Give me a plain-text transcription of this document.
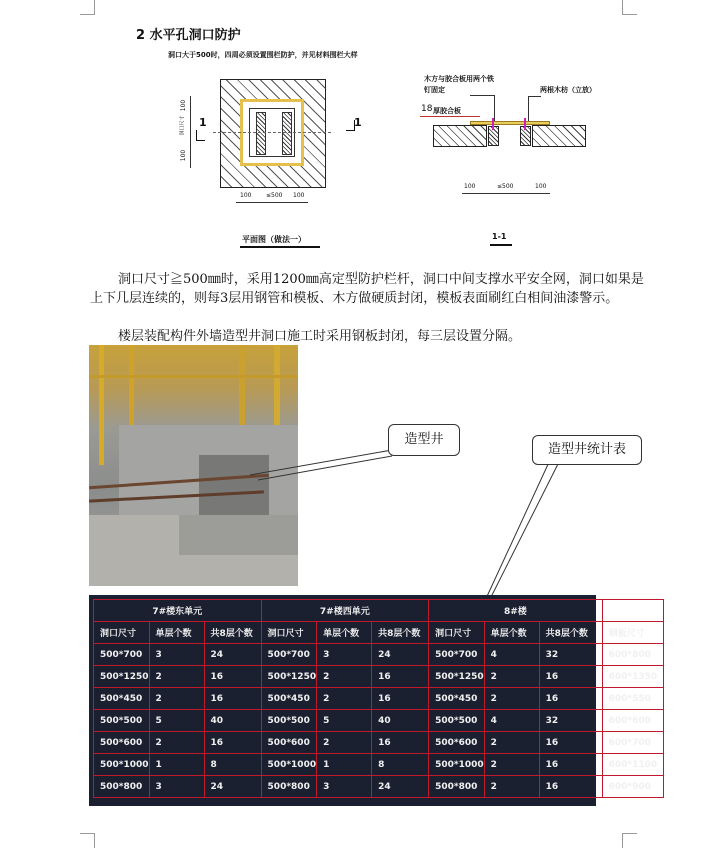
2 水平孔洞口防护
洞口大于500时，四周必须设置围栏防护，并见材料围栏大样
1	1
100
洞口尺寸
100
100 ≤500 100
平面图（做法一）
木方与胶合板用两个铁钉固定	两根木枋（立放）
18 厚胶合板
100	≤500	100
1-1
洞口尺寸≧500㎜时，采用1200㎜高定型防护栏杆，洞口中间支撑水平安全网，洞口如果是上下几层连续的，则每3层用钢管和模板、木方做硬质封闭，模板表面刷红白相间油漆警示。
楼层装配构件外墙造型井洞口施工时采用钢板封闭，每三层设置分隔。
造型井
造型井统计表
7#楼东单元			7#楼西单元			8#楼			
洞口尺寸	单层个数	共8层个数	洞口尺寸	单层个数	共8层个数	洞口尺寸	单层个数	共8层个数	钢板尺寸
500*700	3	24	500*700	3	24	500*700	4	32	600*800
500*1250	2	16	500*1250	2	16	500*1250	2	16	600*1350
500*450	2	16	500*450	2	16	500*450	2	16	600*550
500*500	5	40	500*500	5	40	500*500	4	32	600*600
500*600	2	16	500*600	2	16	500*600	2	16	600*700
500*1000	1	8	500*1000	1	8	500*1000	2	16	600*1100
500*800	3	24	500*800	3	24	500*800	2	16	600*900
